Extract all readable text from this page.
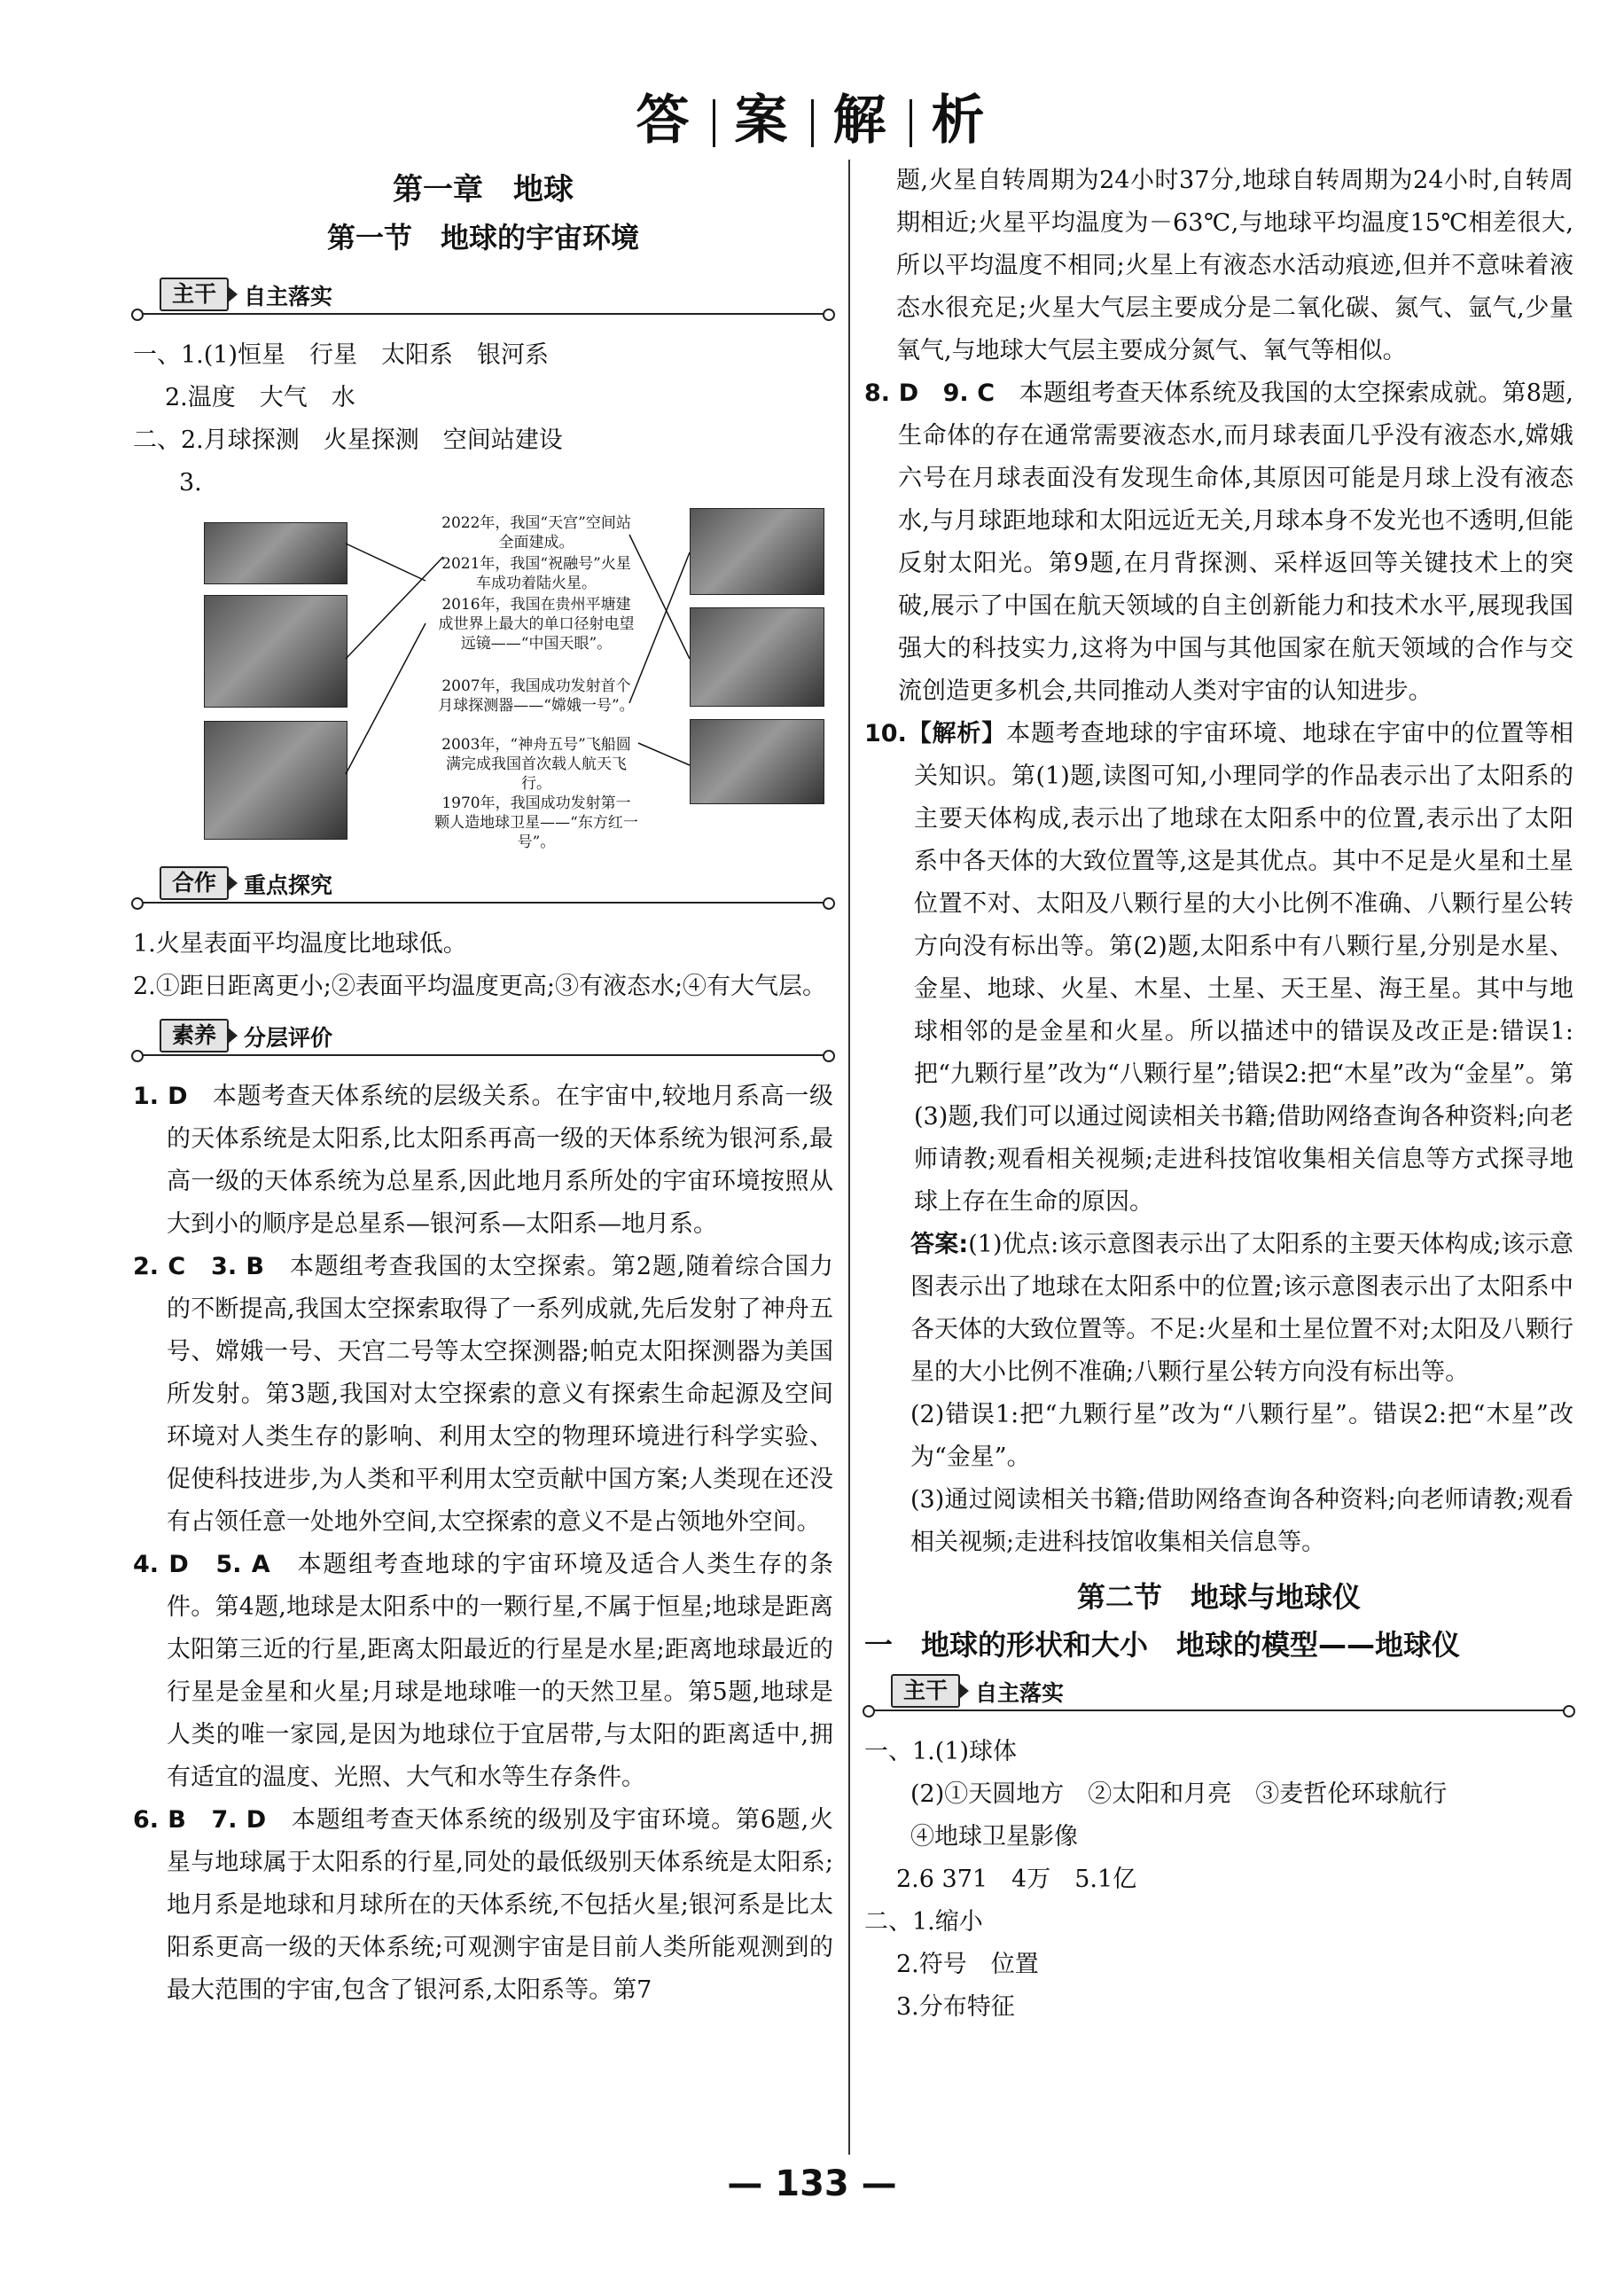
答 案 解 析
第一章　地球
第一节　地球的宇宙环境
主干	自主落实

一、1.(1)恒星　行星　太阳系　银河系

2.温度　大气　水

二、2.月球探测　火星探测　空间站建设

3.

2022年，我国“天宫”空间站全面建成。
2021年，我国“祝融号”火星车成功着陆火星。
2016年，我国在贵州平塘建成世界上最大的单口径射电望远镜——“中国天眼”。
2007年，我国成功发射首个月球探测器——“嫦娥一号”。
2003年，“神舟五号”飞船圆满完成我国首次载人航天飞行。
1970年，我国成功发射第一颗人造地球卫星——“东方红一号”。
合作	重点探究

1.火星表面平均温度比地球低。

2.①距日距离更小;②表面平均温度更高;③有液态水;④有大气层。

素养	分层评价

1. D　 本题考查天体系统的层级关系。在宇宙中,较地月系高一级的天体系统是太阳系,比太阳系再高一级的天体系统为银河系,最高一级的天体系统为总星系,因此地月系所处的宇宙环境按照从大到小的顺序是总星系—银河系—太阳系—地月系。

2. C　3. B　 本题组考查我国的太空探索。第2题,随着综合国力的不断提高,我国太空探索取得了一系列成就,先后发射了神舟五号、嫦娥一号、天宫二号等太空探测器;帕克太阳探测器为美国所发射。第3题,我国对太空探索的意义有探索生命起源及空间环境对人类生存的影响、利用太空的物理环境进行科学实验、促使科技进步,为人类和平利用太空贡献中国方案;人类现在还没有占领任意一处地外空间,太空探索的意义不是占领地外空间。

4. D　5. A　 本题组考查地球的宇宙环境及适合人类生存的条件。第4题,地球是太阳系中的一颗行星,不属于恒星;地球是距离太阳第三近的行星,距离太阳最近的行星是水星;距离地球最近的行星是金星和火星;月球是地球唯一的天然卫星。第5题,地球是人类的唯一家园,是因为地球位于宜居带,与太阳的距离适中,拥有适宜的温度、光照、大气和水等生存条件。

6. B　7. D　 本题组考查天体系统的级别及宇宙环境。第6题,火星与地球属于太阳系的行星,同处的最低级别天体系统是太阳系;地月系是地球和月球所在的天体系统,不包括火星;银河系是比太阳系更高一级的天体系统;可观测宇宙是目前人类所能观测到的最大范围的宇宙,包含了银河系,太阳系等。第7

题,火星自转周期为24小时37分,地球自转周期为24小时,自转周期相近;火星平均温度为－63℃,与地球平均温度15℃相差很大,所以平均温度不相同;火星上有液态水活动痕迹,但并不意味着液态水很充足;火星大气层主要成分是二氧化碳、氮气、氩气,少量氧气,与地球大气层主要成分氮气、氧气等相似。

8. D　9. C　 本题组考查天体系统及我国的太空探索成就。第8题,生命体的存在通常需要液态水,而月球表面几乎没有液态水,嫦娥六号在月球表面没有发现生命体,其原因可能是月球上没有液态水,与月球距地球和太阳远近无关,月球本身不发光也不透明,但能反射太阳光。第9题,在月背探测、采样返回等关键技术上的突破,展示了中国在航天领域的自主创新能力和技术水平,展现我国强大的科技实力,这将为中国与其他国家在航天领域的合作与交流创造更多机会,共同推动人类对宇宙的认知进步。

10.【解析】本题考查地球的宇宙环境、地球在宇宙中的位置等相关知识。第(1)题,读图可知,小理同学的作品表示出了太阳系的主要天体构成,表示出了地球在太阳系中的位置,表示出了太阳系中各天体的大致位置等,这是其优点。其中不足是火星和土星位置不对、太阳及八颗行星的大小比例不准确、八颗行星公转方向没有标出等。第(2)题,太阳系中有八颗行星,分别是水星、金星、地球、火星、木星、土星、天王星、海王星。其中与地球相邻的是金星和火星。所以描述中的错误及改正是:错误1:把“九颗行星”改为“八颗行星”;错误2:把“木星”改为“金星”。第(3)题,我们可以通过阅读相关书籍;借助网络查询各种资料;向老师请教;观看相关视频;走进科技馆收集相关信息等方式探寻地球上存在生命的原因。

答案:(1)优点:该示意图表示出了太阳系的主要天体构成;该示意图表示出了地球在太阳系中的位置;该示意图表示出了太阳系中各天体的大致位置等。不足:火星和土星位置不对;太阳及八颗行星的大小比例不准确;八颗行星公转方向没有标出等。

(2)错误1:把“九颗行星”改为“八颗行星”。错误2:把“木星”改为“金星”。

(3)通过阅读相关书籍;借助网络查询各种资料;向老师请教;观看相关视频;走进科技馆收集相关信息等。

第二节　地球与地球仪
一　地球的形状和大小　地球的模型——地球仪
主干	自主落实

一、1.(1)球体

(2)①天圆地方　②太阳和月亮　③麦哲伦环球航行

④地球卫星影像

2.6 371　4万　5.1亿

二、1.缩小

2.符号　位置

3.分布特征

— 133 —
